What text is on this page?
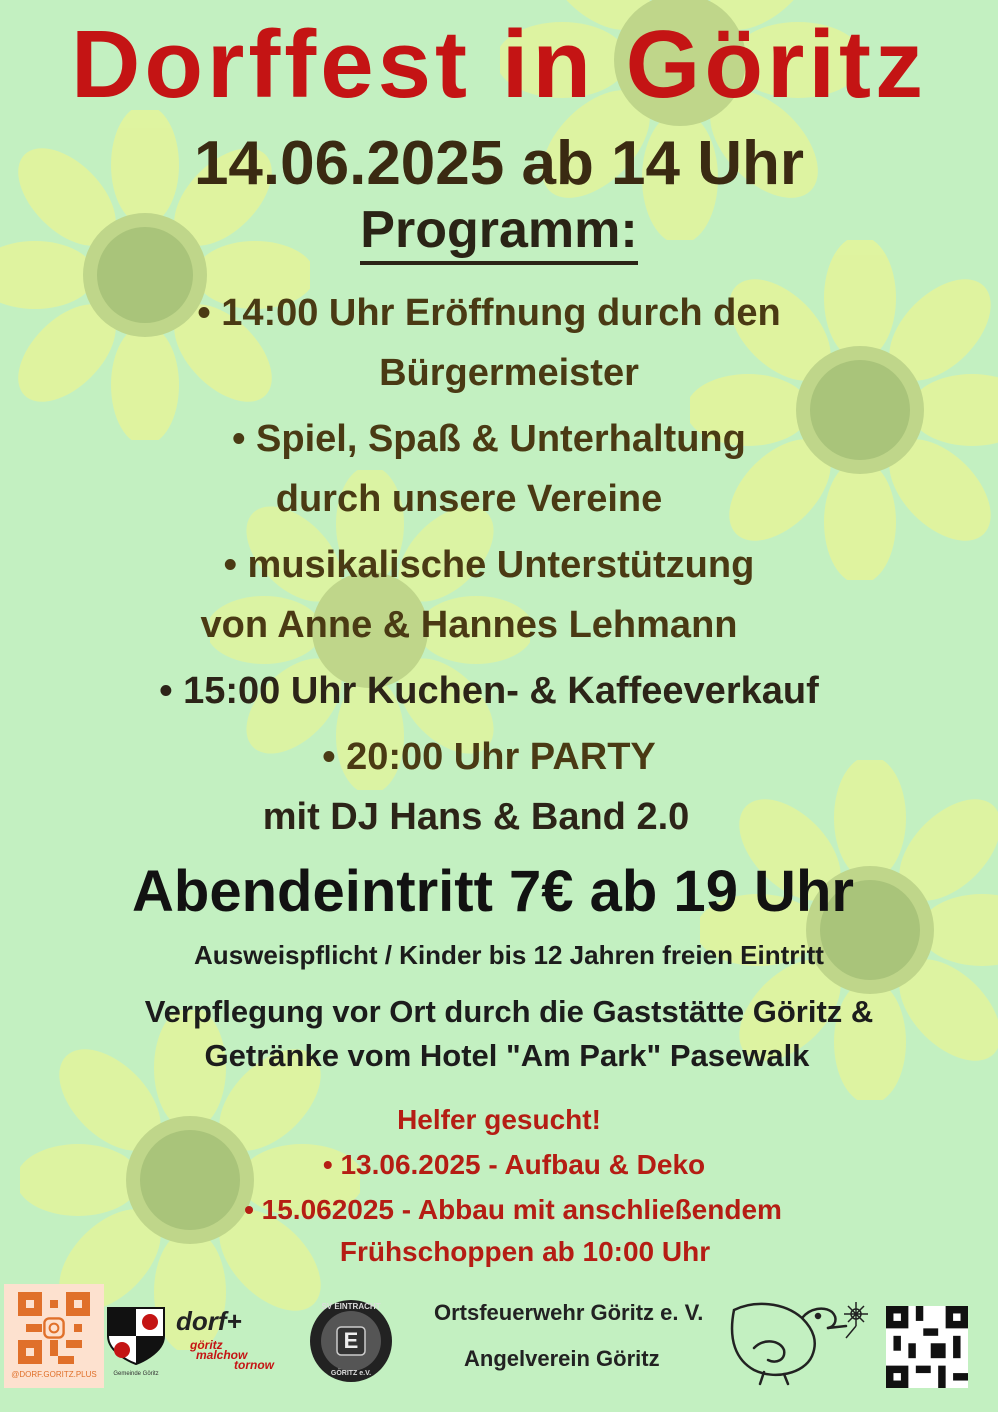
Dorffest in Göritz
14.06.2025 ab 14 Uhr
Programm:
• 14:00 Uhr Eröffnung durch den
Bürgermeister
• Spiel, Spaß & Unterhaltung
durch unsere Vereine
• musikalische Unterstützung
von Anne & Hannes Lehmann
• 15:00 Uhr Kuchen- & Kaffeeverkauf
• 20:00 Uhr PARTY
mit DJ Hans & Band 2.0
Abendeintritt 7€ ab 19 Uhr
Ausweispflicht / Kinder bis 12 Jahren freien Eintritt
Verpflegung vor Ort durch die Gaststätte Göritz &
Getränke vom Hotel "Am Park" Pasewalk
Helfer gesucht!
• 13.06.2025 - Aufbau & Deko
• 15.062025 - Abbau mit anschließendem
Frühschoppen ab 10:00 Uhr
@DORF.GORITZ.PLUS	Gemeinde Göritz
dorf+
göritz
malchow
tornow
SV EINTRACHT
E
GÖRITZ e.V.
Ortsfeuerwehr Göritz e. V.
Angelverein Göritz
